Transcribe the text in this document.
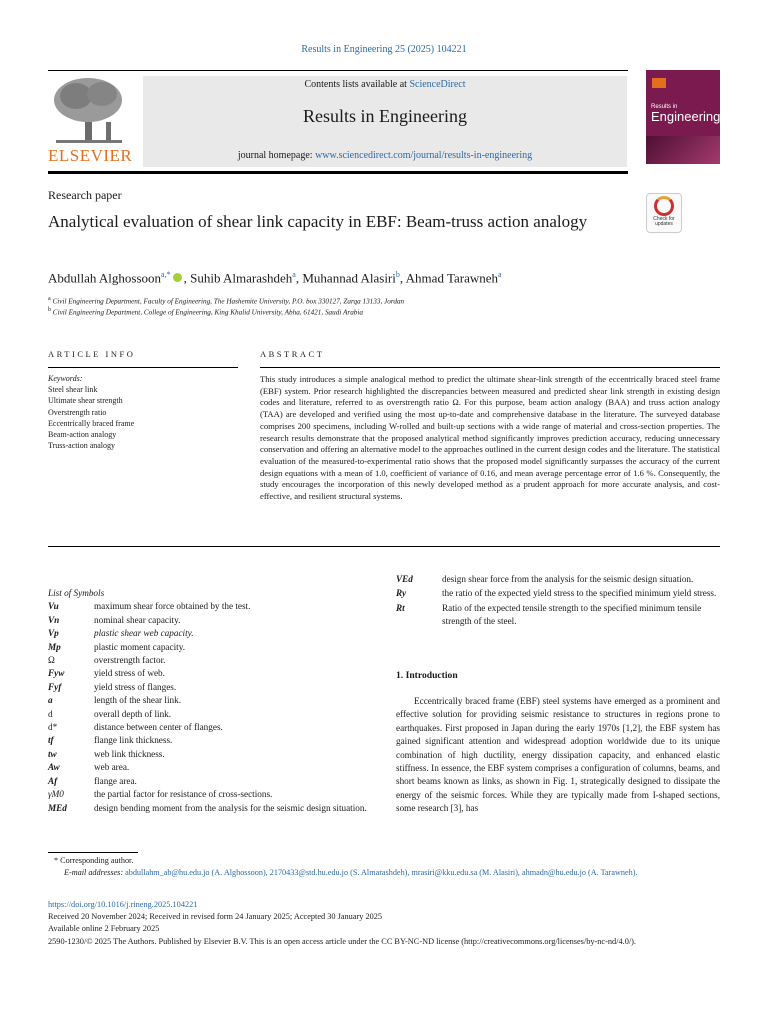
Results in Engineering 25 (2025) 104221
ELSEVIER
Contents lists available at ScienceDirect
Results in Engineering
journal homepage: www.sciencedirect.com/journal/results-in-engineering
Results in
Engineering
Research paper
Analytical evaluation of shear link capacity in EBF: Beam-truss action analogy	Check for updates
Abdullah Alghossoon$^{a,*}$ , Suhib Almarashdeh$^a$, Muhannad Alasiri$^b$, Ahmad Tarawneh$^a$
$^a$ Civil Engineering Department, Faculty of Engineering, The Hashemite University, P.O. box 330127, Zarqa 13133, Jordan
$^b$ Civil Engineering Department, College of Engineering, King Khalid University, Abha, 61421, Saudi Arabia
ARTICLE INFO	ABSTRACT
Keywords:
Steel shear link
Ultimate shear strength
Overstrength ratio
Eccentrically braced frame
Beam-action analogy
Truss-action analogy
This study introduces a simple analogical method to predict the ultimate shear-link strength of the eccentrically braced steel frame (EBF) system. Prior research highlighted the discrepancies between measured and predicted shear link strength in existing design codes and literature, referred to as overstrength ratio Ω. For this purpose, beam action analogy (BAA) and truss action analogy (TAA) are developed and verified using the most up-to-date and comprehensive database in the literature. The surveyed database comprises 200 specimens, including W-rolled and built-up sections with a wide range of material and cross-section properties. The research results demonstrate that the proposed analytical method significantly improves prediction accuracy, reducing unnecessary conservation and offering an alternative model to the approaches outlined in the current design codes and the literature. The statistical evaluation of the measured-to-experimental ratio shows that the proposed model significantly surpasses the accuracy of the current design equations with a mean of 1.0, coefficient of variance of 0.16, and mean average percentage error of 1.6 %. Consequently, the study encourages the incorporation of this newly developed method as a prudent approach for more accurate analysis, and cost-effective, and resilient structural systems.
List of Symbols
Vu	maximum shear force obtained by the test.
Vn	nominal shear capacity.
Vp	plastic shear web capacity.
Mp	plastic moment capacity.
Ω	overstrength factor.
Fyw	yield stress of web.
Fyf	yield stress of flanges.
a	length of the shear link.
d	overall depth of link.
d*	distance between center of flanges.
tf	flange link thickness.
tw	web link thickness.
Aw	web area.
Af	flange area.
γM0	the partial factor for resistance of cross-sections.
MEd	design bending moment from the analysis for the seismic design situation.
VEd	design shear force from the analysis for the seismic design situation.
Ry	the ratio of the expected yield stress to the specified minimum yield stress.
Rt	Ratio of the expected tensile strength to the specified minimum tensile strength of the steel.
1. Introduction
Eccentrically braced frame (EBF) steel systems have emerged as a prominent and effective solution for providing seismic resistance to structures in regions prone to earthquakes. First proposed in Japan during the early 1970s [1,2], the EBF system has gained significant attention and widespread adoption worldwide due to its unique combination of high ductility, energy dissipation capacity, and enhanced elastic stiffness. In essence, the EBF system comprises a configuration of columns, beams, and short beams known as links, as shown in Fig. 1, strategically designed to dissipate the energy of the seismic forces. While they are typically made from I-shaped sections, some research [3], has
* Corresponding author.
E-mail addresses: abdullahm_ab@hu.edu.jo (A. Alghossoon), 2170433@std.hu.edu.jo (S. Almarashdeh), mrasiri@kku.edu.sa (M. Alasiri), ahmadn@hu.edu.jo (A. Tarawneh).
https://doi.org/10.1016/j.rineng.2025.104221
Received 20 November 2024; Received in revised form 24 January 2025; Accepted 30 January 2025
Available online 2 February 2025
2590-1230/© 2025 The Authors. Published by Elsevier B.V. This is an open access article under the CC BY-NC-ND license (http://creativecommons.org/licenses/by-nc-nd/4.0/).
